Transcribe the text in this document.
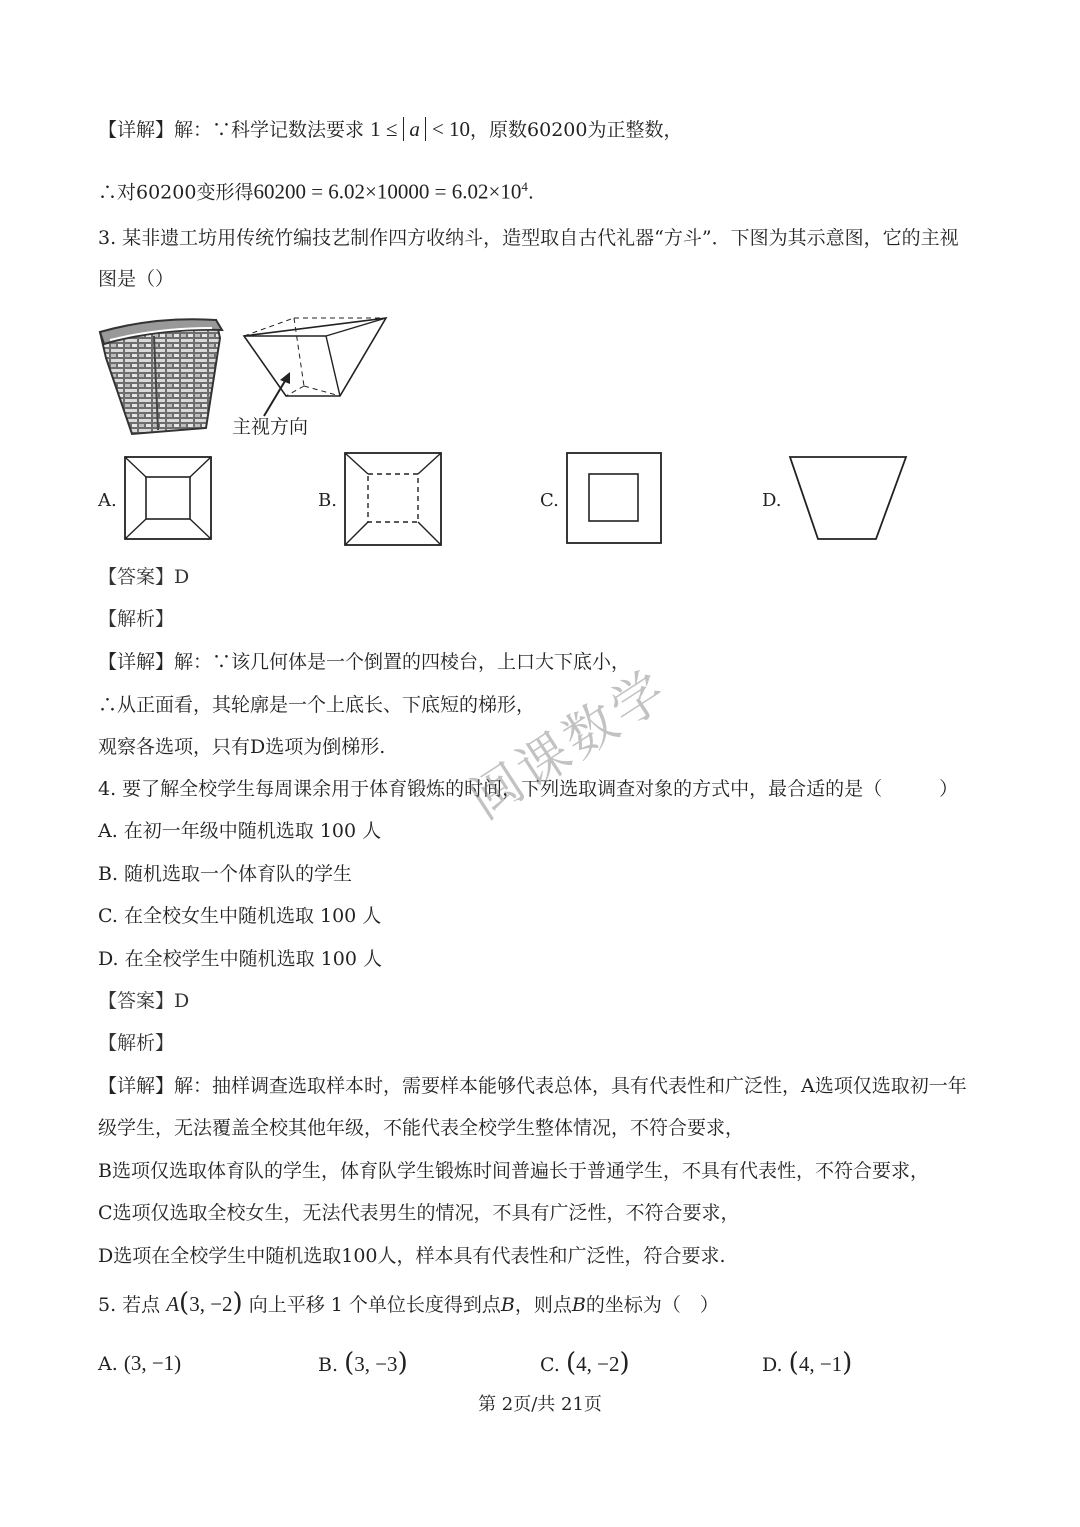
【详解】解：∵科学记数法要求 1 ≤ a < 10，原数60200为正整数，
∴对60200变形得$60200 = 6.02\times 10000 = 6.02\times 10^4$.
3. 某非遗工坊用传统竹编技艺制作四方收纳斗，造型取自古代礼器“方斗”．下图为其示意图，它的主视
图是（）
主视方向
A.	B.	C.	D.
【答案】D
【解析】
【详解】解：∵该几何体是一个倒置的四棱台，上口大下底小，
∴从正面看，其轮廓是一个上底长、下底短的梯形，
观察各选项，只有D选项为倒梯形.
4. 要了解全校学生每周课余用于体育锻炼的时间，下列选取调查对象的方式中，最合适的是（　　　）
A. 在初一年级中随机选取 100 人
B. 随机选取一个体育队的学生
C. 在全校女生中随机选取 100 人
D. 在全校学生中随机选取 100 人
【答案】D
【解析】
【详解】解：抽样调查选取样本时，需要样本能够代表总体，具有代表性和广泛性，A选项仅选取初一年
级学生，无法覆盖全校其他年级，不能代表全校学生整体情况，不符合要求，
B选项仅选取体育队的学生，体育队学生锻炼时间普遍长于普通学生，不具有代表性，不符合要求，
C选项仅选取全校女生，无法代表男生的情况，不具有广泛性，不符合要求，
D选项在全校学生中随机选取100人，样本具有代表性和广泛性，符合要求.
5. 若点 A(3, −2) 向上平移 1 个单位长度得到点B，则点B的坐标为（　）
A. (3, −1)	B. (3, −3)	C. (4, −2)	D. (4, −1)
闽课数学
第 2页/共 21页
